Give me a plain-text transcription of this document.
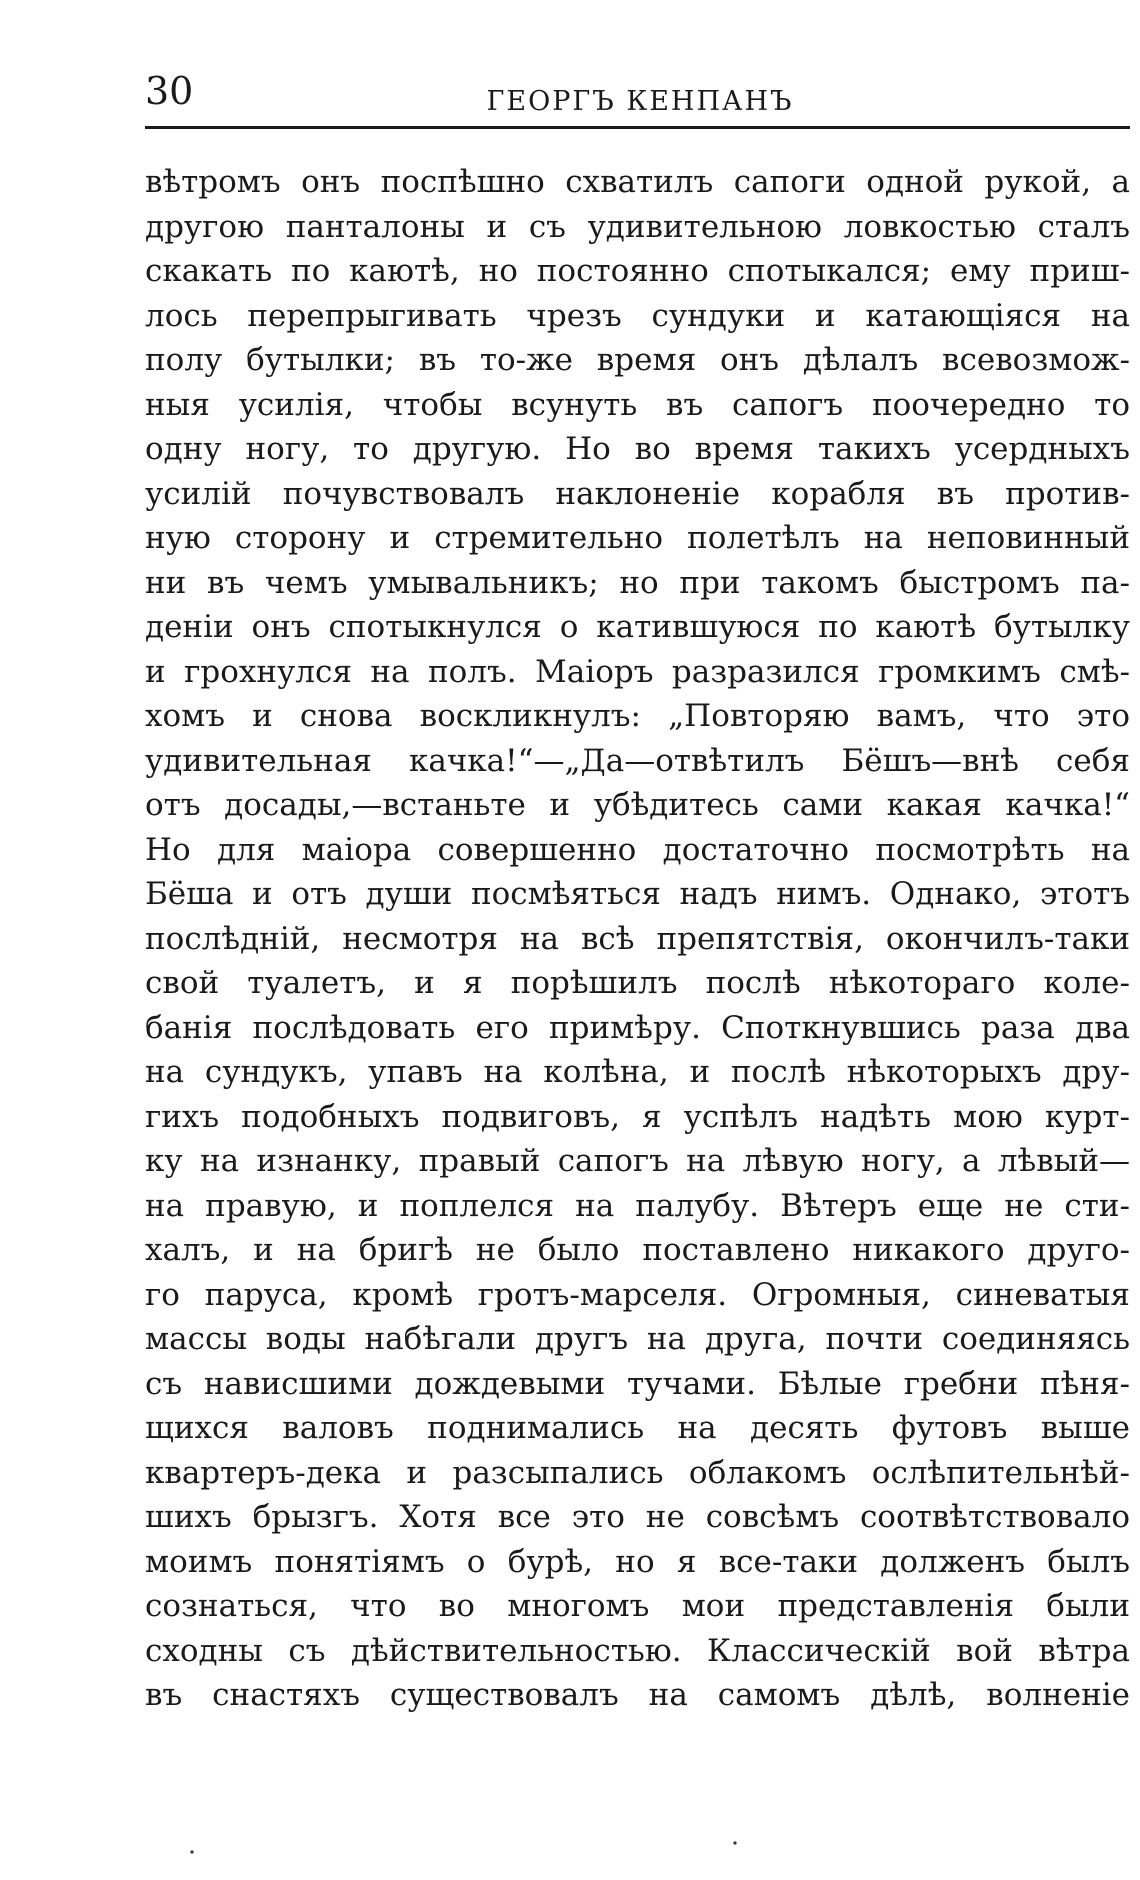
30	ГЕОРГЪ КЕНПАНЪ
вѣтромъ онъ поспѣшно схватилъ сапоги одной рукой, а
другою панталоны и съ удивительною ловкостью сталъ
скакать по каютѣ, но постоянно спотыкался; ему приш-
лось перепрыгивать чрезъ сундуки и катающіяся на
полу бутылки; въ то-же время онъ дѣлалъ всевозмож-
ныя усилія, чтобы всунуть въ сапогъ поочередно то
одну ногу, то другую. Но во время такихъ усердныхъ
усилій почувствовалъ наклоненіе корабля въ против-
ную сторону и стремительно полетѣлъ на неповинный
ни въ чемъ умывальникъ; но при такомъ быстромъ па-
деніи онъ спотыкнулся о катившуюся по каютѣ бутылку
и грохнулся на полъ. Маіоръ разразился громкимъ смѣ-
хомъ и снова воскликнулъ: „Повторяю вамъ, что это
удивительная качка!“—„Да—отвѣтилъ Бёшъ—внѣ себя
отъ досады,—встаньте и убѣдитесь сами какая качка!“
Но для маіора совершенно достаточно посмотрѣть на
Бёша и отъ души посмѣяться надъ нимъ. Однако, этотъ
послѣдній, несмотря на всѣ препятствія, окончилъ-таки
свой туалетъ, и я порѣшилъ послѣ нѣкотораго коле-
банія послѣдовать его примѣру. Споткнувшись раза два
на сундукъ, упавъ на колѣна, и послѣ нѣкоторыхъ дру-
гихъ подобныхъ подвиговъ, я успѣлъ надѣть мою курт-
ку на изнанку, правый сапогъ на лѣвую ногу, а лѣвый—
на правую, и поплелся на палубу. Вѣтеръ еще не сти-
халъ, и на бригѣ не было поставлено никакого друго-
го паруса, кромѣ гротъ-марселя. Огромныя, синеватыя
массы воды набѣгали другъ на друга, почти соединяясь
съ нависшими дождевыми тучами. Бѣлые гребни пѣня-
щихся валовъ поднимались на десять футовъ выше
квартеръ-дека и разсыпались облакомъ ослѣпительнѣй-
шихъ брызгъ. Хотя все это не совсѣмъ соотвѣтствовало
моимъ понятіямъ о бурѣ, но я все-таки долженъ былъ
сознаться, что во многомъ мои представленія были
сходны съ дѣйствительностью. Классическій вой вѣтра
въ снастяхъ существовалъ на самомъ дѣлѣ, волненіе
